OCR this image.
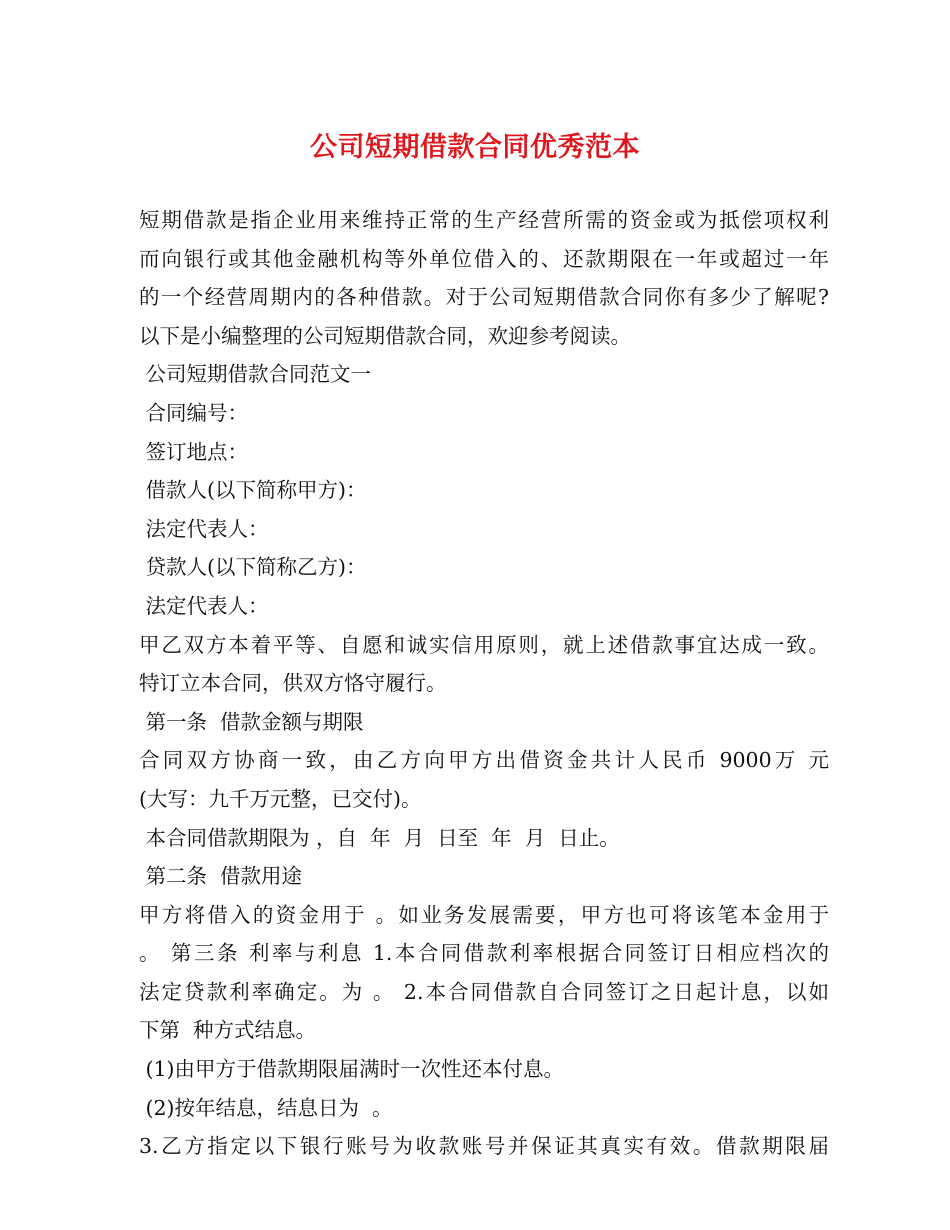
公司短期借款合同优秀范本
短期借款是指企业用来维持正常的生产经营所需的资金或为抵偿项权利
而向银行或其他金融机构等外单位借入的、还款期限在一年或超过一年
的一个经营周期内的各种借款。对于公司短期借款合同你有多少了解呢?
以下是小编整理的公司短期借款合同，欢迎参考阅读。
公司短期借款合同范文一
合同编号：
签订地点：
借款人(以下简称甲方)：
法定代表人：
贷款人(以下简称乙方)：
法定代表人：
甲乙双方本着平等、自愿和诚实信用原则，就上述借款事宜达成一致。
特订立本合同，供双方恪守履行。
第一条  借款金额与期限
合同双方协商一致，由乙方向甲方出借资金共计人民币 9000万 元
(大写：九千万元整，已交付)。
本合同借款期限为 ，自  年  月  日至  年  月  日止。
第二条  借款用途
甲方将借入的资金用于 。如业务发展需要，甲方也可将该笔本金用于
。 第三条 利率与利息 1.本合同借款利率根据合同签订日相应档次的
法定贷款利率确定。为 。 2.本合同借款自合同签订之日起计息，以如
下第  种方式结息。
(1)由甲方于借款期限届满时一次性还本付息。
(2)按年结息，结息日为  。
3.乙方指定以下银行账号为收款账号并保证其真实有效。借款期限届
